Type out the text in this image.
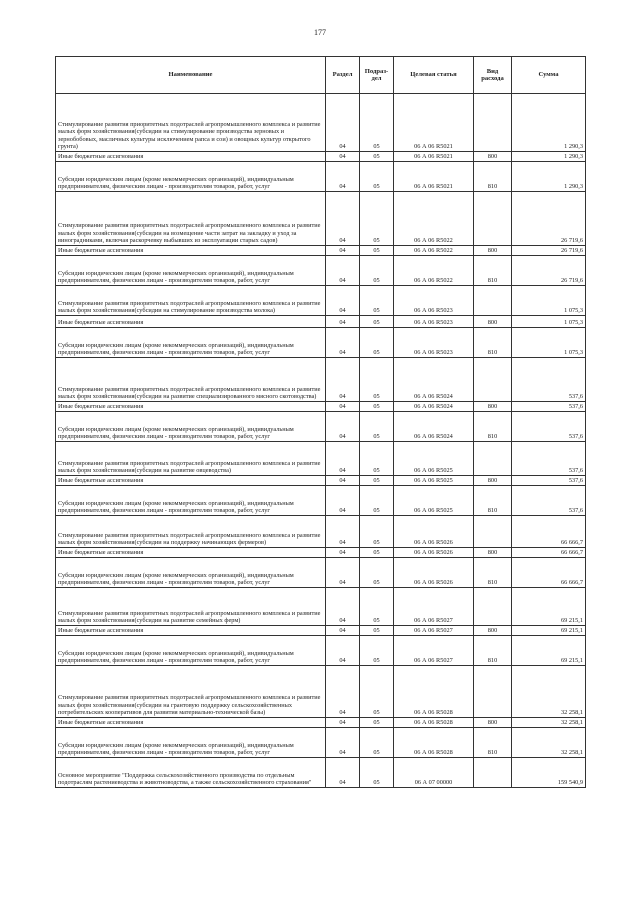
177
Наименование	Раздел	Подраз-дел	Целевая статья	Вид расхода	Сумма
Стимулирование развития приоритетных подотраслей агропромышленного комплекса и развитие малых форм хозяйствования(субсидии на стимулирование производства зерновых и зернобобовых, масличных культуры исключением рапса и сои) и овощных культур открытого грунта)	04	05	06 А 06 R5021		1 290,3
Иные бюджетные ассигнования	04	05	06 А 06 R5021	800	1 290,3
Субсидии юридическим лицам (кроме некоммерческих организаций), индивидуальным предпринимателям, физическим лицам - производителям товаров, работ, услуг	04	05	06 А 06 R5021	810	1 290,3
Стимулирование развития приоритетных подотраслей агропромышленного комплекса и развитие малых форм хозяйствования(субсидии на возмещение части затрат на закладку и уход за виноградниками, включая раскорчевку выбывших из эксплуатации старых садов)	04	05	06 А 06 R5022		26 719,6
Иные бюджетные ассигнования	04	05	06 А 06 R5022	800	26 719,6
Субсидии юридическим лицам (кроме некоммерческих организаций), индивидуальным предпринимателям, физическим лицам - производителям товаров, работ, услуг	04	05	06 А 06 R5022	810	26 719,6
Стимулирование развития приоритетных подотраслей агропромышленного комплекса и развитие малых форм хозяйствования(субсидии на стимулирование производства молока)	04	05	06 А 06 R5023		1 075,3
Иные бюджетные ассигнования	04	05	06 А 06 R5023	800	1 075,3
Субсидии юридическим лицам (кроме некоммерческих организаций), индивидуальным предпринимателям, физическим лицам - производителям товаров, работ, услуг	04	05	06 А 06 R5023	810	1 075,3
Стимулирование развития приоритетных подотраслей агропромышленного комплекса и развитие малых форм хозяйствования(субсидии на развитие специализированного мясного скотоводства)	04	05	06 А 06 R5024		537,6
Иные бюджетные ассигнования	04	05	06 А 06 R5024	800	537,6
Субсидии юридическим лицам (кроме некоммерческих организаций), индивидуальным предпринимателям, физическим лицам - производителям товаров, работ, услуг	04	05	06 А 06 R5024	810	537,6
Стимулирование развития приоритетных подотраслей агропромышленного комплекса и развитие малых форм хозяйствования(субсидии на развитие овцеводства)	04	05	06 А 06 R5025		537,6
Иные бюджетные ассигнования	04	05	06 А 06 R5025	800	537,6
Субсидии юридическим лицам (кроме некоммерческих организаций), индивидуальным предпринимателям, физическим лицам - производителям товаров, работ, услуг	04	05	06 А 06 R5025	810	537,6
Стимулирование развития приоритетных подотраслей агропромышленного комплекса и развитие малых форм хозяйствования(субсидии на поддержку начинающих фермеров)	04	05	06 А 06 R5026		66 666,7
Иные бюджетные ассигнования	04	05	06 А 06 R5026	800	66 666,7
Субсидии юридическим лицам (кроме некоммерческих организаций), индивидуальным предпринимателям, физическим лицам - производителям товаров, работ, услуг	04	05	06 А 06 R5026	810	66 666,7
Стимулирование развития приоритетных подотраслей агропромышленного комплекса и развитие малых форм хозяйствования(субсидии на развитие семейных ферм)	04	05	06 А 06 R5027		69 215,1
Иные бюджетные ассигнования	04	05	06 А 06 R5027	800	69 215,1
Субсидии юридическим лицам (кроме некоммерческих организаций), индивидуальным предпринимателям, физическим лицам - производителям товаров, работ, услуг	04	05	06 А 06 R5027	810	69 215,1
Стимулирование развития приоритетных подотраслей агропромышленного комплекса и развитие малых форм хозяйствования(субсидии на грантовую поддержку сельскохозяйственных потребительских кооперативов для развития материально-технической базы)	04	05	06 А 06 R5028		32 258,1
Иные бюджетные ассигнования	04	05	06 А 06 R5028	800	32 258,1
Субсидии юридическим лицам (кроме некоммерческих организаций), индивидуальным предпринимателям, физическим лицам - производителям товаров, работ, услуг	04	05	06 А 06 R5028	810	32 258,1
Основное мероприятие "Поддержка сельскохозяйственного производства по отдельным подотраслям растениеводства и животноводства, а также сельскохозяйственного страхования"	04	05	06 А 07 00000		159 540,9
